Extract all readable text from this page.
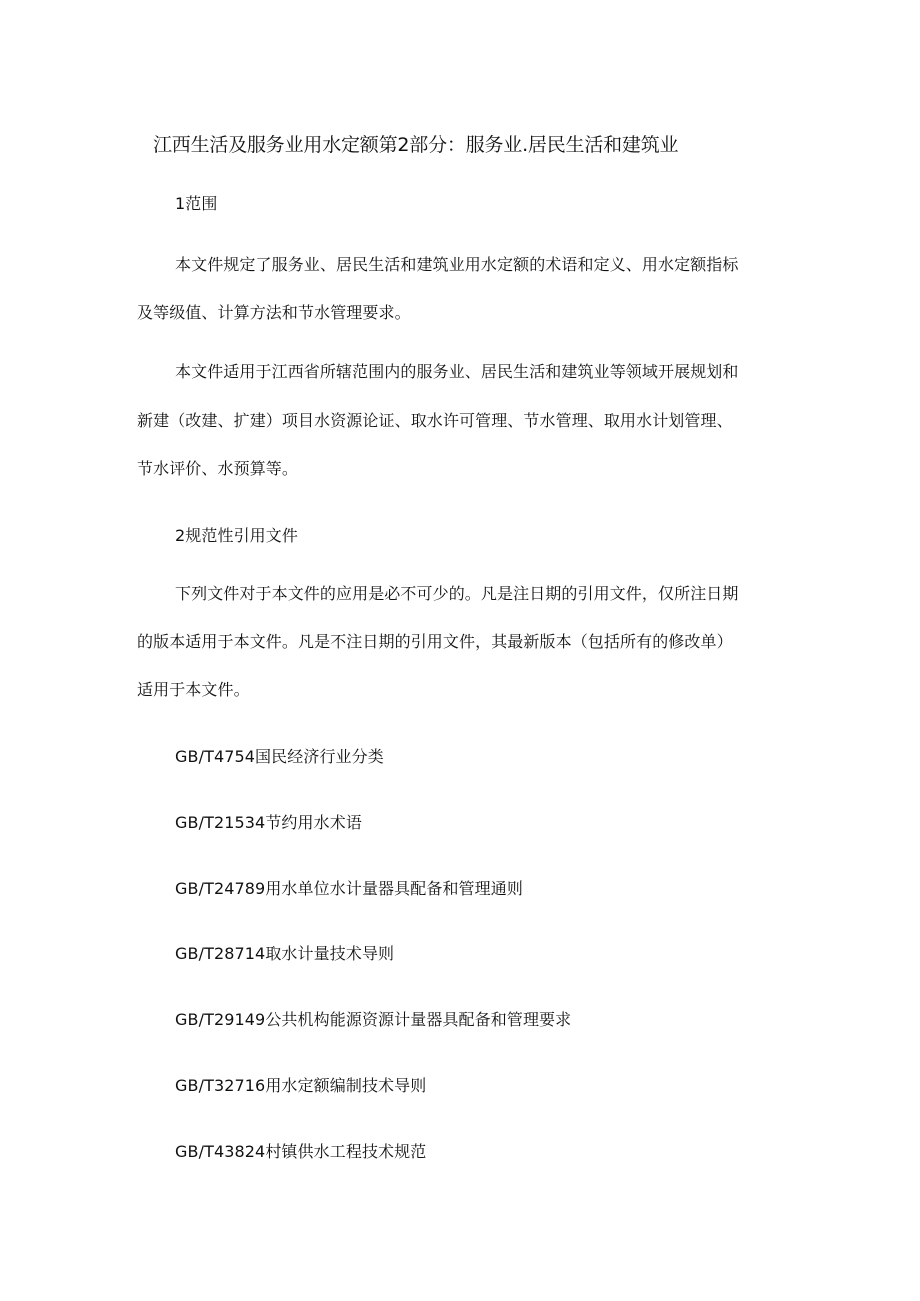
江西生活及服务业用水定额第2部分：服务业.居民生活和建筑业

1范围

本文件规定了服务业、居民生活和建筑业用水定额的术语和定义、用水定额指标

及等级值、计算方法和节水管理要求。

本文件适用于江西省所辖范围内的服务业、居民生活和建筑业等领域开展规划和

新建（改建、扩建）项目水资源论证、取水许可管理、节水管理、取用水计划管理、

节水评价、水预算等。

2规范性引用文件

下列文件对于本文件的应用是必不可少的。凡是注日期的引用文件，仅所注日期

的版本适用于本文件。凡是不注日期的引用文件，其最新版本（包括所有的修改单）

适用于本文件。

GB/T4754国民经济行业分类

GB/T21534节约用水术语

GB/T24789用水单位水计量器具配备和管理通则

GB/T28714取水计量技术导则

GB/T29149公共机构能源资源计量器具配备和管理要求

GB/T32716用水定额编制技术导则

GB/T43824村镇供水工程技术规范
